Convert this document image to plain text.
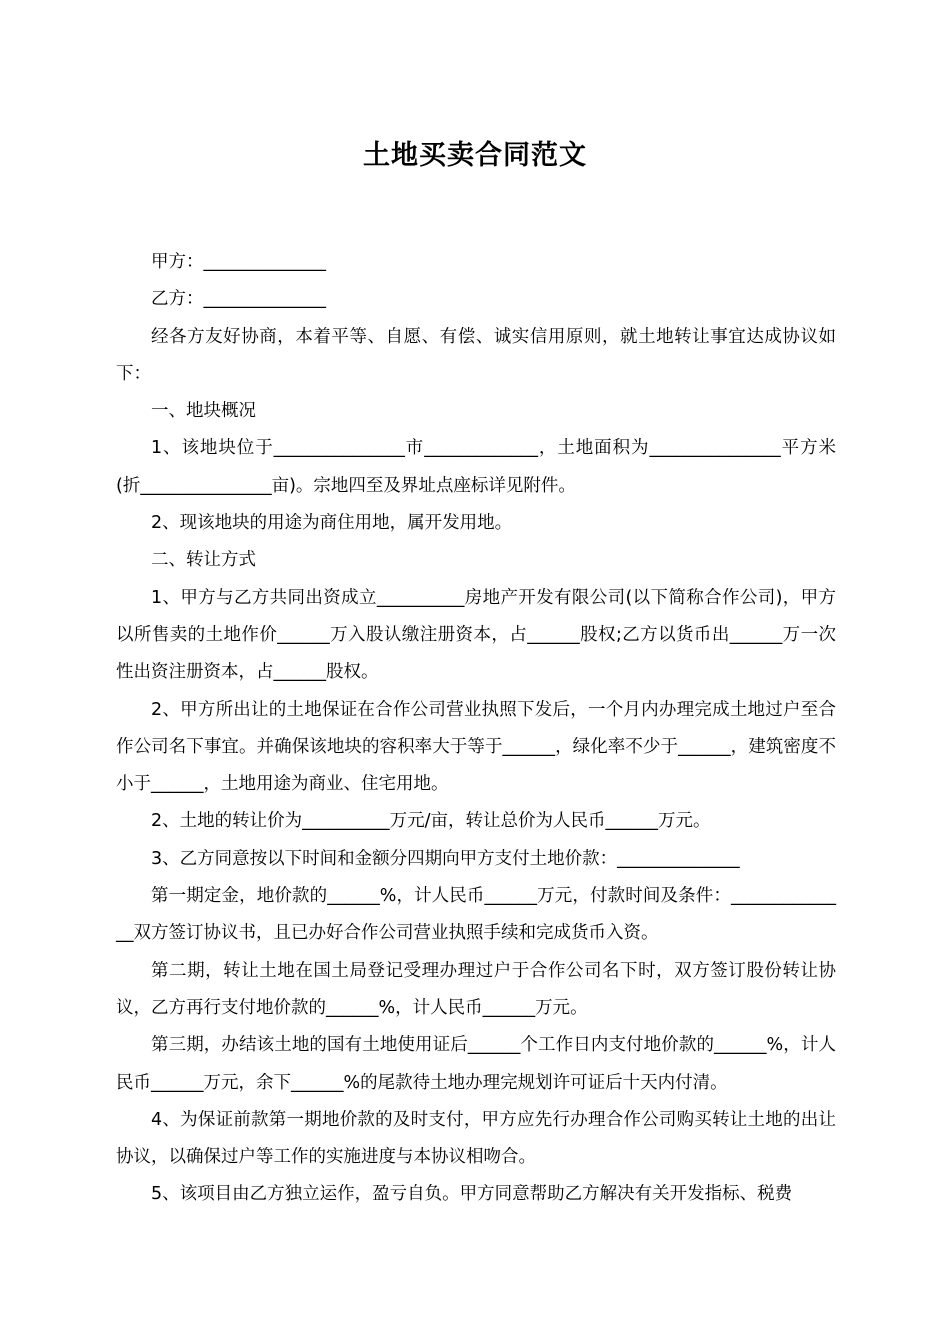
土地买卖合同范文

甲方：______________

乙方：______________

经各方友好协商，本着平等、自愿、有偿、诚实信用原则，就土地转让事宜达成协议如下：

一、地块概况

1、该地块位于_______________市_____________，土地面积为_______________平方米(折_______________亩)。宗地四至及界址点座标详见附件。

2、现该地块的用途为商住用地，属开发用地。

二、转让方式

1、甲方与乙方共同出资成立__________房地产开发有限公司(以下简称合作公司)，甲方以所售卖的土地作价______万入股认缴注册资本，占______股权;乙方以货币出______万一次性出资注册资本，占______股权。

2、甲方所出让的土地保证在合作公司营业执照下发后，一个月内办理完成土地过户至合作公司名下事宜。并确保该地块的容积率大于等于______，绿化率不少于______，建筑密度不小于______，土地用途为商业、住宅用地。

2、土地的转让价为__________万元/亩，转让总价为人民币______万元。

3、乙方同意按以下时间和金额分四期向甲方支付土地价款：______________

第一期定金，地价款的______%，计人民币______万元，付款时间及条件：______________双方签订协议书，且已办好合作公司营业执照手续和完成货币入资。

第二期，转让土地在国土局登记受理办理过户于合作公司名下时，双方签订股份转让协议，乙方再行支付地价款的______%，计人民币______万元。

第三期，办结该土地的国有土地使用证后______个工作日内支付地价款的______%，计人民币______万元，余下______%的尾款待土地办理完规划许可证后十天内付清。

4、为保证前款第一期地价款的及时支付，甲方应先行办理合作公司购买转让土地的出让协议，以确保过户等工作的实施进度与本协议相吻合。

5、该项目由乙方独立运作，盈亏自负。甲方同意帮助乙方解决有关开发指标、税费
